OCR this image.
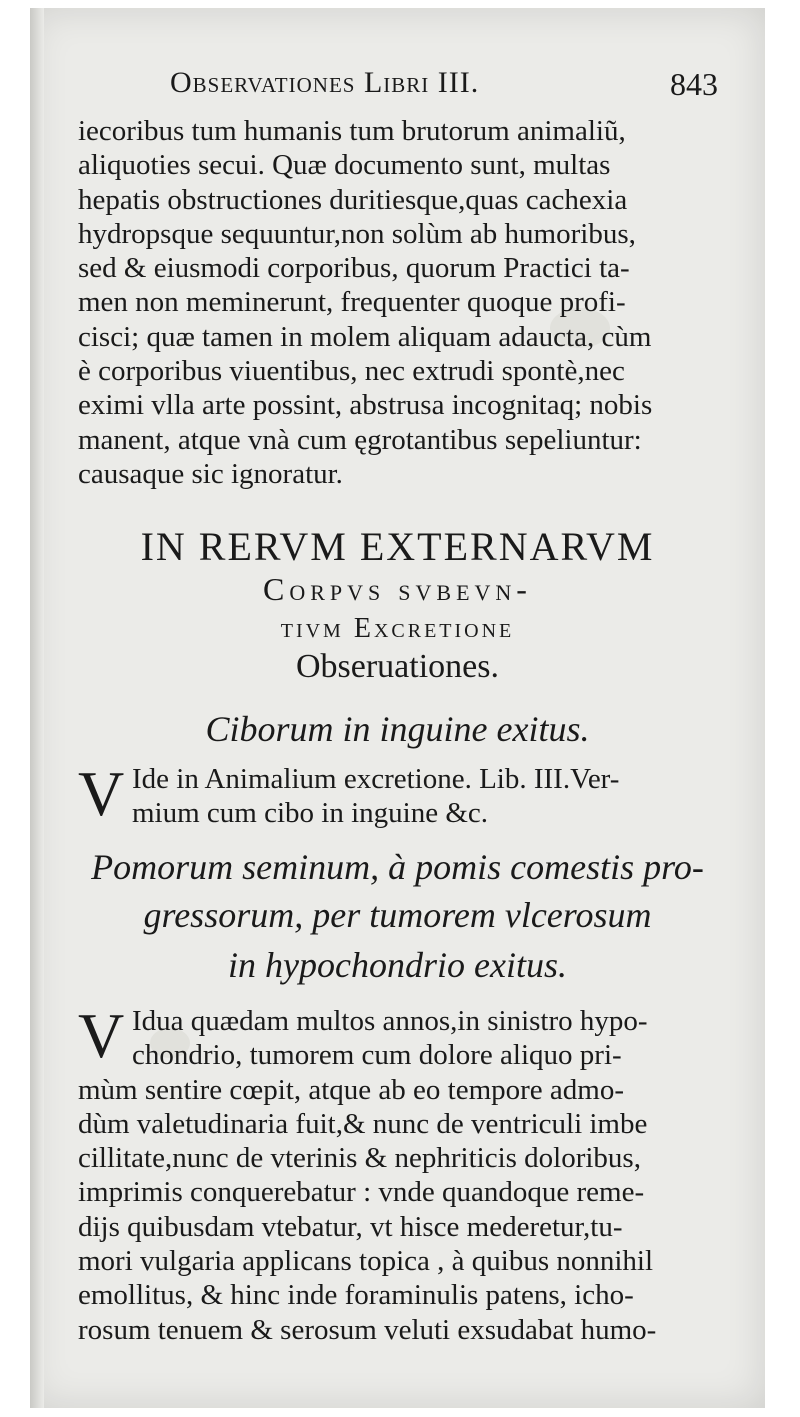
Observationes Libri III.	843
iecoribus tum humanis tum brutorum animaliũ,
aliquoties secui. Quæ documento sunt, multas
hepatis obstructiones duritiesque,quas cachexia
hydropsque sequuntur,non solùm ab humoribus,
sed & eiusmodi corporibus, quorum Practici ta-
men non meminerunt, frequenter quoque profi-
cisci; quæ tamen in molem aliquam adaucta, cùm
è corporibus viuentibus, nec extrudi spontè,nec
eximi vlla arte possint, abstrusa incognitaq; nobis
manent, atque vnà cum ęgrotantibus sepeliuntur:
causaque sic ignoratur.
IN RERVM EXTERNARVM
Corpvs svbevn-
tivm Excretione
Obseruationes.
Ciborum in inguine exitus.
V Ide in Animalium excretione. Lib. III.Ver-
mium cum cibo in inguine &c.
Pomorum seminum, à pomis comestis pro-
gressorum, per tumorem vlcerosum
in hypochondrio exitus.
V Idua quædam multos annos,in sinistro hypo-
chondrio, tumorem cum dolore aliquo pri-
mùm sentire cœpit, atque ab eo tempore admo-
dùm valetudinaria fuit,& nunc de ventriculi imbe
cillitate,nunc de vterinis & nephriticis doloribus,
imprimis conquerebatur : vnde quandoque reme-
dijs quibusdam vtebatur, vt hisce mederetur,tu-
mori vulgaria applicans topica , à quibus nonnihil
emollitus, & hinc inde foraminulis patens, icho-
rosum tenuem & serosum veluti exsudabat humo-
